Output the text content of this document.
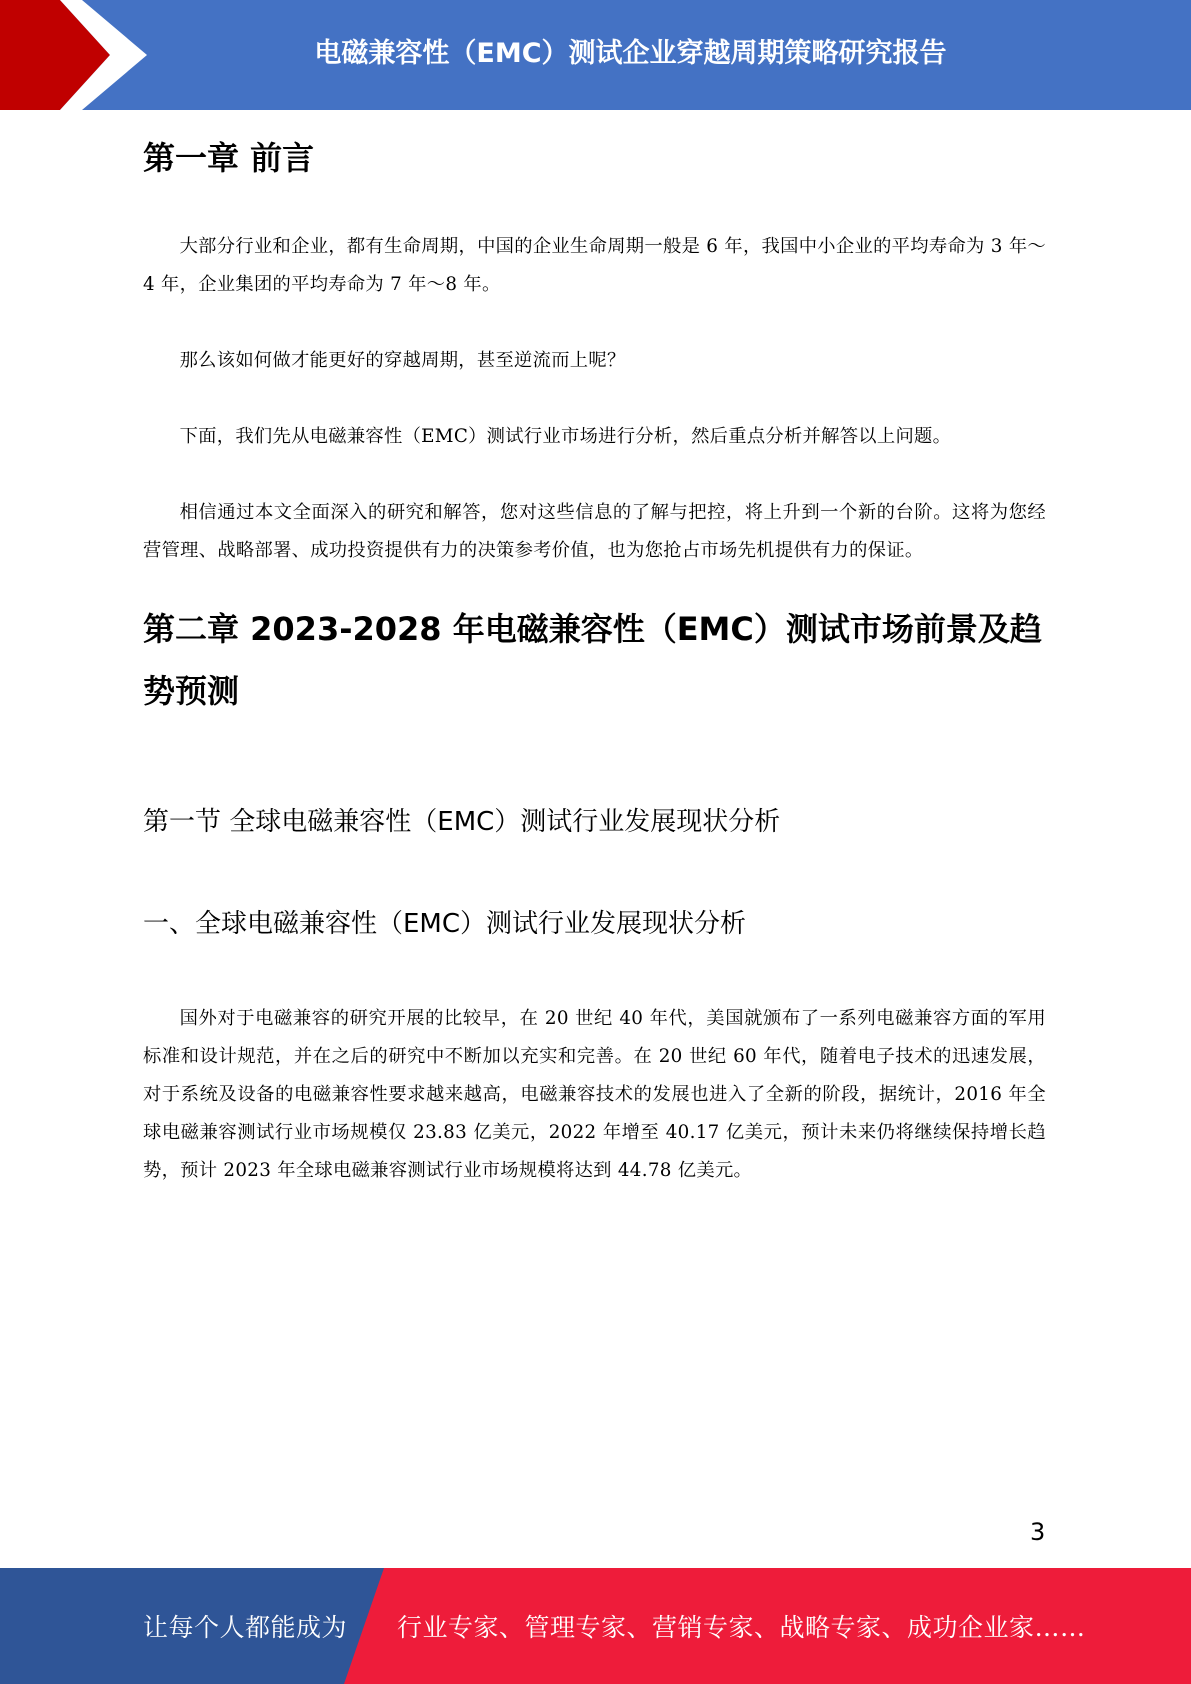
电磁兼容性（EMC）测试企业穿越周期策略研究报告
第一章 前言

大部分行业和企业，都有生命周期，中国的企业生命周期一般是 6 年，我国中小企业的平均寿命为 3 年～4 年，企业集团的平均寿命为 7 年～8 年。

那么该如何做才能更好的穿越周期，甚至逆流而上呢？

下面，我们先从电磁兼容性（EMC）测试行业市场进行分析，然后重点分析并解答以上问题。

相信通过本文全面深入的研究和解答，您对这些信息的了解与把控，将上升到一个新的台阶。这将为您经营管理、战略部署、成功投资提供有力的决策参考价值，也为您抢占市场先机提供有力的保证。

第二章 2023-2028 年电磁兼容性（EMC）测试市场前景及趋势预测
第一节 全球电磁兼容性（EMC）测试行业发展现状分析
一、全球电磁兼容性（EMC）测试行业发展现状分析

国外对于电磁兼容的研究开展的比较早，在 20 世纪 40 年代，美国就颁布了一系列电磁兼容方面的军用标准和设计规范，并在之后的研究中不断加以充实和完善。在 20 世纪 60 年代，随着电子技术的迅速发展，对于系统及设备的电磁兼容性要求越来越高，电磁兼容技术的发展也进入了全新的阶段，据统计，2016 年全球电磁兼容测试行业市场规模仅 23.83 亿美元，2022 年增至 40.17 亿美元，预计未来仍将继续保持增长趋势，预计 2023 年全球电磁兼容测试行业市场规模将达到 44.78 亿美元。

3
让每个人都能成为 行业专家、管理专家、营销专家、战略专家、成功企业家……
